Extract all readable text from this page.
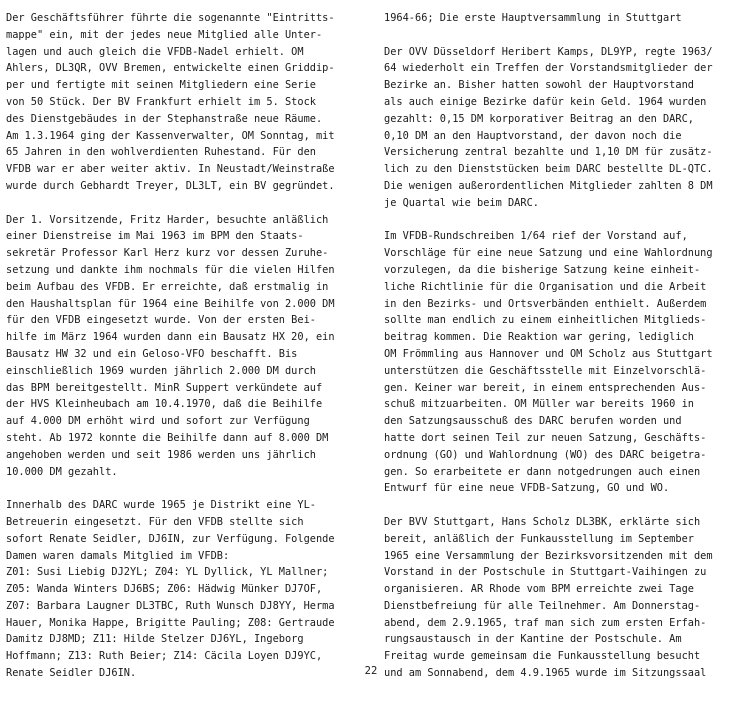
Der Geschäftsführer führte die sogenannte "Eintritts-
mappe" ein, mit der jedes neue Mitglied alle Unter-
lagen und auch gleich die VFDB-Nadel erhielt. OM
Ahlers, DL3QR, OVV Bremen, entwickelte einen Griddip-
per und fertigte mit seinen Mitgliedern eine Serie
von 50 Stück. Der BV Frankfurt erhielt im 5. Stock
des Dienstgebäudes in der Stephanstraße neue Räume.
Am 1.3.1964 ging der Kassenverwalter, OM Sonntag, mit
65 Jahren in den wohlverdienten Ruhestand. Für den
VFDB war er aber weiter aktiv. In Neustadt/Weinstraße
wurde durch Gebhardt Treyer, DL3LT, ein BV gegründet.

Der 1. Vorsitzende, Fritz Harder, besuchte anläßlich
einer Dienstreise im Mai 1963 im BPM den Staats-
sekretär Professor Karl Herz kurz vor dessen Zuruhe-
setzung und dankte ihm nochmals für die vielen Hilfen
beim Aufbau des VFDB. Er erreichte, daß erstmalig in
den Haushaltsplan für 1964 eine Beihilfe von 2.000 DM
für den VFDB eingesetzt wurde. Von der ersten Bei-
hilfe im März 1964 wurden dann ein Bausatz HX 20, ein
Bausatz HW 32 und ein Geloso-VFO beschafft. Bis
einschließlich 1969 wurden jährlich 2.000 DM durch
das BPM bereitgestellt. MinR Suppert verkündete auf
der HVS Kleinheubach am 10.4.1970, daß die Beihilfe
auf 4.000 DM erhöht wird und sofort zur Verfügung
steht. Ab 1972 konnte die Beihilfe dann auf 8.000 DM
angehoben werden und seit 1986 werden uns jährlich
10.000 DM gezahlt.

Innerhalb des DARC wurde 1965 je Distrikt eine YL-
Betreuerin eingesetzt. Für den VFDB stellte sich
sofort Renate Seidler, DJ6IN, zur Verfügung. Folgende
Damen waren damals Mitglied im VFDB:
Z01: Susi Liebig DJ2YL; Z04: YL Dyllick, YL Mallner;
Z05: Wanda Winters DJ6BS; Z06: Hädwig Münker DJ7OF,
Z07: Barbara Laugner DL3TBC, Ruth Wunsch DJ8YY, Herma
Hauer, Monika Happe, Brigitte Pauling; Z08: Gertraude
Damitz DJ8MD; Z11: Hilde Stelzer DJ6YL, Ingeborg
Hoffmann; Z13: Ruth Beier; Z14: Cäcila Loyen DJ9YC,
Renate Seidler DJ6IN.

1964-66; Die erste Hauptversammlung in Stuttgart

Der OVV Düsseldorf Heribert Kamps, DL9YP, regte 1963/
64 wiederholt ein Treffen der Vorstandsmitglieder der
Bezirke an. Bisher hatten sowohl der Hauptvorstand
als auch einige Bezirke dafür kein Geld. 1964 wurden
gezahlt: 0,15 DM korporativer Beitrag an den DARC,
0,10 DM an den Hauptvorstand, der davon noch die
Versicherung zentral bezahlte und 1,10 DM für zusätz-
lich zu den Dienststücken beim DARC bestellte DL-QTC.
Die wenigen außerordentlichen Mitglieder zahlten 8 DM
je Quartal wie beim DARC.

Im VFDB-Rundschreiben 1/64 rief der Vorstand auf,
Vorschläge für eine neue Satzung und eine Wahlordnung
vorzulegen, da die bisherige Satzung keine einheit-
liche Richtlinie für die Organisation und die Arbeit
in den Bezirks- und Ortsverbänden enthielt. Außerdem
sollte man endlich zu einem einheitlichen Mitglieds-
beitrag kommen. Die Reaktion war gering, lediglich
OM Frömmling aus Hannover und OM Scholz aus Stuttgart
unterstützen die Geschäftsstelle mit Einzelvorschlä-
gen. Keiner war bereit, in einem entsprechenden Aus-
schuß mitzuarbeiten. OM Müller war bereits 1960 in
den Satzungsausschuß des DARC berufen worden und
hatte dort seinen Teil zur neuen Satzung, Geschäfts-
ordnung (GO) und Wahlordnung (WO) des DARC beigetra-
gen. So erarbeitete er dann notgedrungen auch einen
Entwurf für eine neue VFDB-Satzung, GO und WO.

Der BVV Stuttgart, Hans Scholz DL3BK, erklärte sich
bereit, anläßlich der Funkausstellung im September
1965 eine Versammlung der Bezirksvorsitzenden mit dem
Vorstand in der Postschule in Stuttgart-Vaihingen zu
organisieren. AR Rhode vom BPM erreichte zwei Tage
Dienstbefreiung für alle Teilnehmer. Am Donnerstag-
abend, dem 2.9.1965, traf man sich zum ersten Erfah-
rungsaustausch in der Kantine der Postschule. Am
Freitag wurde gemeinsam die Funkausstellung besucht
und am Sonnabend, dem 4.9.1965 wurde im Sitzungssaal

22
